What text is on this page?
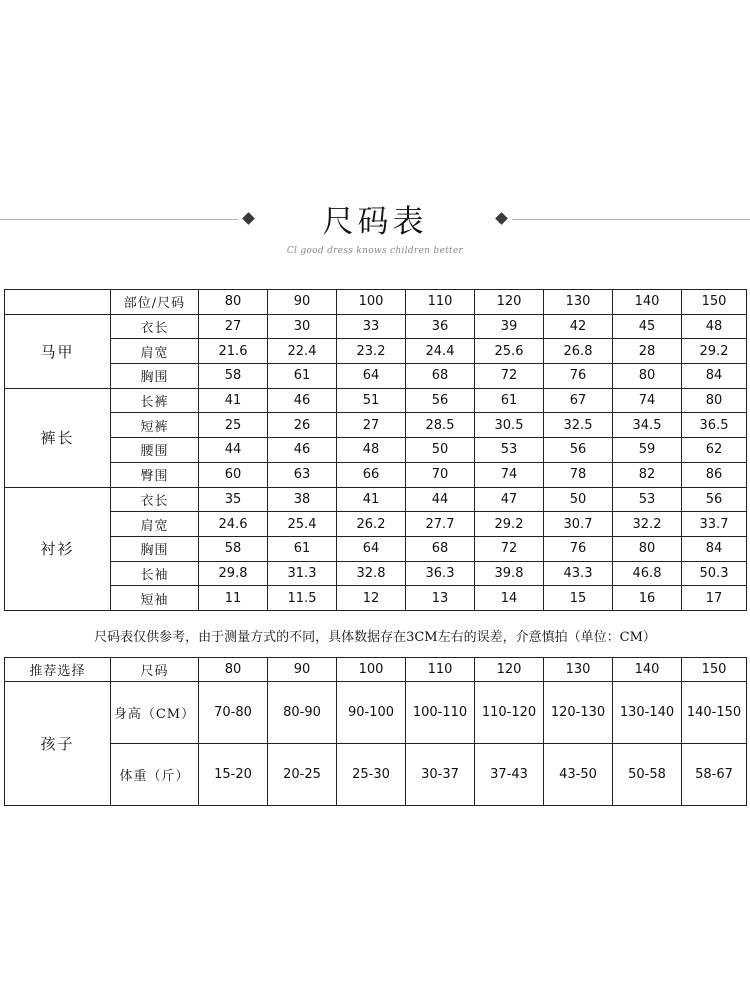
尺码表
Cl good dress knows children better
	部位/尺码	80	90	100	110	120	130	140	150
马甲	衣长	27	30	33	36	39	42	45	48
	肩宽	21.6	22.4	23.2	24.4	25.6	26.8	28	29.2
	胸围	58	61	64	68	72	76	80	84
裤长	长裤	41	46	51	56	61	67	74	80
	短裤	25	26	27	28.5	30.5	32.5	34.5	36.5
	腰围	44	46	48	50	53	56	59	62
	臀围	60	63	66	70	74	78	82	86
衬衫	衣长	35	38	41	44	47	50	53	56
	肩宽	24.6	25.4	26.2	27.7	29.2	30.7	32.2	33.7
	胸围	58	61	64	68	72	76	80	84
	长袖	29.8	31.3	32.8	36.3	39.8	43.3	46.8	50.3
	短袖	11	11.5	12	13	14	15	16	17
尺码表仅供参考，由于测量方式的不同，具体数据存在3CM左右的误差，介意慎拍（单位：CM）
推荐选择	尺码	80	90	100	110	120	130	140	150
孩子	身高（CM）	70-80	80-90	90-100	100-110	110-120	120-130	130-140	140-150
	体重（斤）	15-20	20-25	25-30	30-37	37-43	43-50	50-58	58-67
